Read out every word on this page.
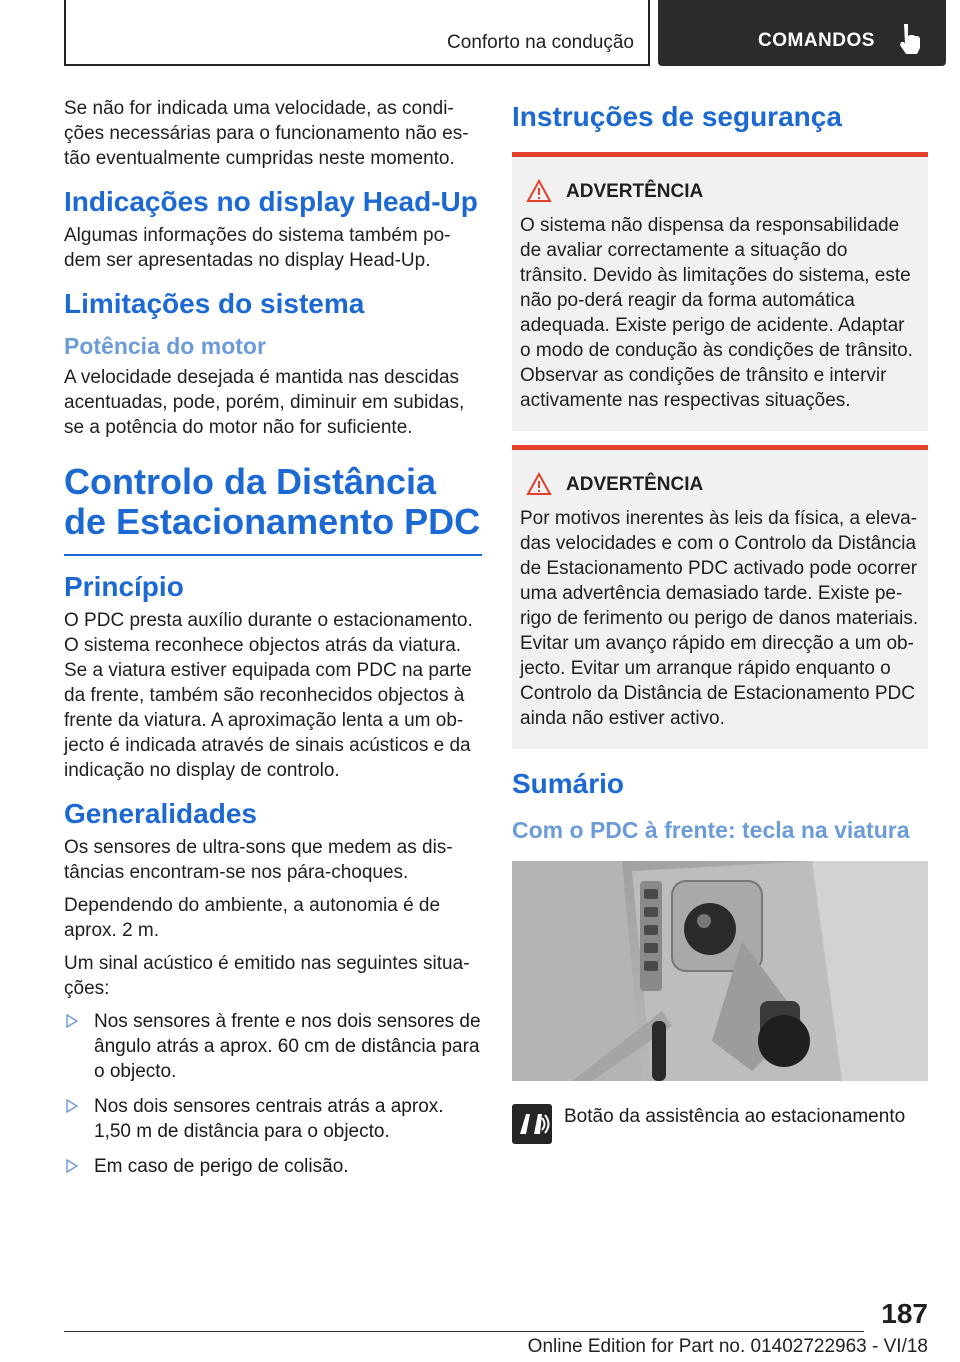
Conforto na condução	COMANDOS

Se não for indicada uma velocidade, as condi-ções necessárias para o funcionamento não es-tão eventualmente cumpridas neste momento.

Indicações no display Head-Up

Algumas informações do sistema também po-dem ser apresentadas no display Head-Up.

Limitações do sistema
Potência do motor

A velocidade desejada é mantida nas descidas acentuadas, pode, porém, diminuir em subidas, se a potência do motor não for suficiente.

Controlo da Distância de Estacionamento PDC
Princípio

O PDC presta auxílio durante o estacionamento. O sistema reconhece objectos atrás da viatura. Se a viatura estiver equipada com PDC na parte da frente, também são reconhecidos objectos à frente da viatura. A aproximação lenta a um ob-jecto é indicada através de sinais acústicos e da indicação no display de controlo.

Generalidades

Os sensores de ultra-sons que medem as dis-tâncias encontram-se nos pára-choques.

Dependendo do ambiente, a autonomia é de aprox. 2 m.

Um sinal acústico é emitido nas seguintes situa-ções:

Nos sensores à frente e nos dois sensores de ângulo atrás a aprox. 60 cm de distância para o objecto.
Nos dois sensores centrais atrás a aprox. 1,50 m de distância para o objecto.
Em caso de perigo de colisão.
Instruções de segurança
ADVERTÊNCIA

O sistema não dispensa da responsabilidade de avaliar correctamente a situação do trânsito. Devido às limitações do sistema, este não po-derá reagir da forma automática adequada. Existe perigo de acidente. Adaptar o modo de condução às condições de trânsito. Observar as condições de trânsito e intervir activamente nas respectivas situações.

ADVERTÊNCIA

Por motivos inerentes às leis da física, a eleva-das velocidades e com o Controlo da Distância de Estacionamento PDC activado pode ocorrer uma advertência demasiado tarde. Existe pe-rigo de ferimento ou perigo de danos materiais. Evitar um avanço rápido em direcção a um ob-jecto. Evitar um arranque rápido enquanto o Controlo da Distância de Estacionamento PDC ainda não estiver activo.

Sumário
Com o PDC à frente: tecla na viatura
Botão da assistência ao estacionamento
187
Online Edition for Part no. 01402722963 - VI/18
